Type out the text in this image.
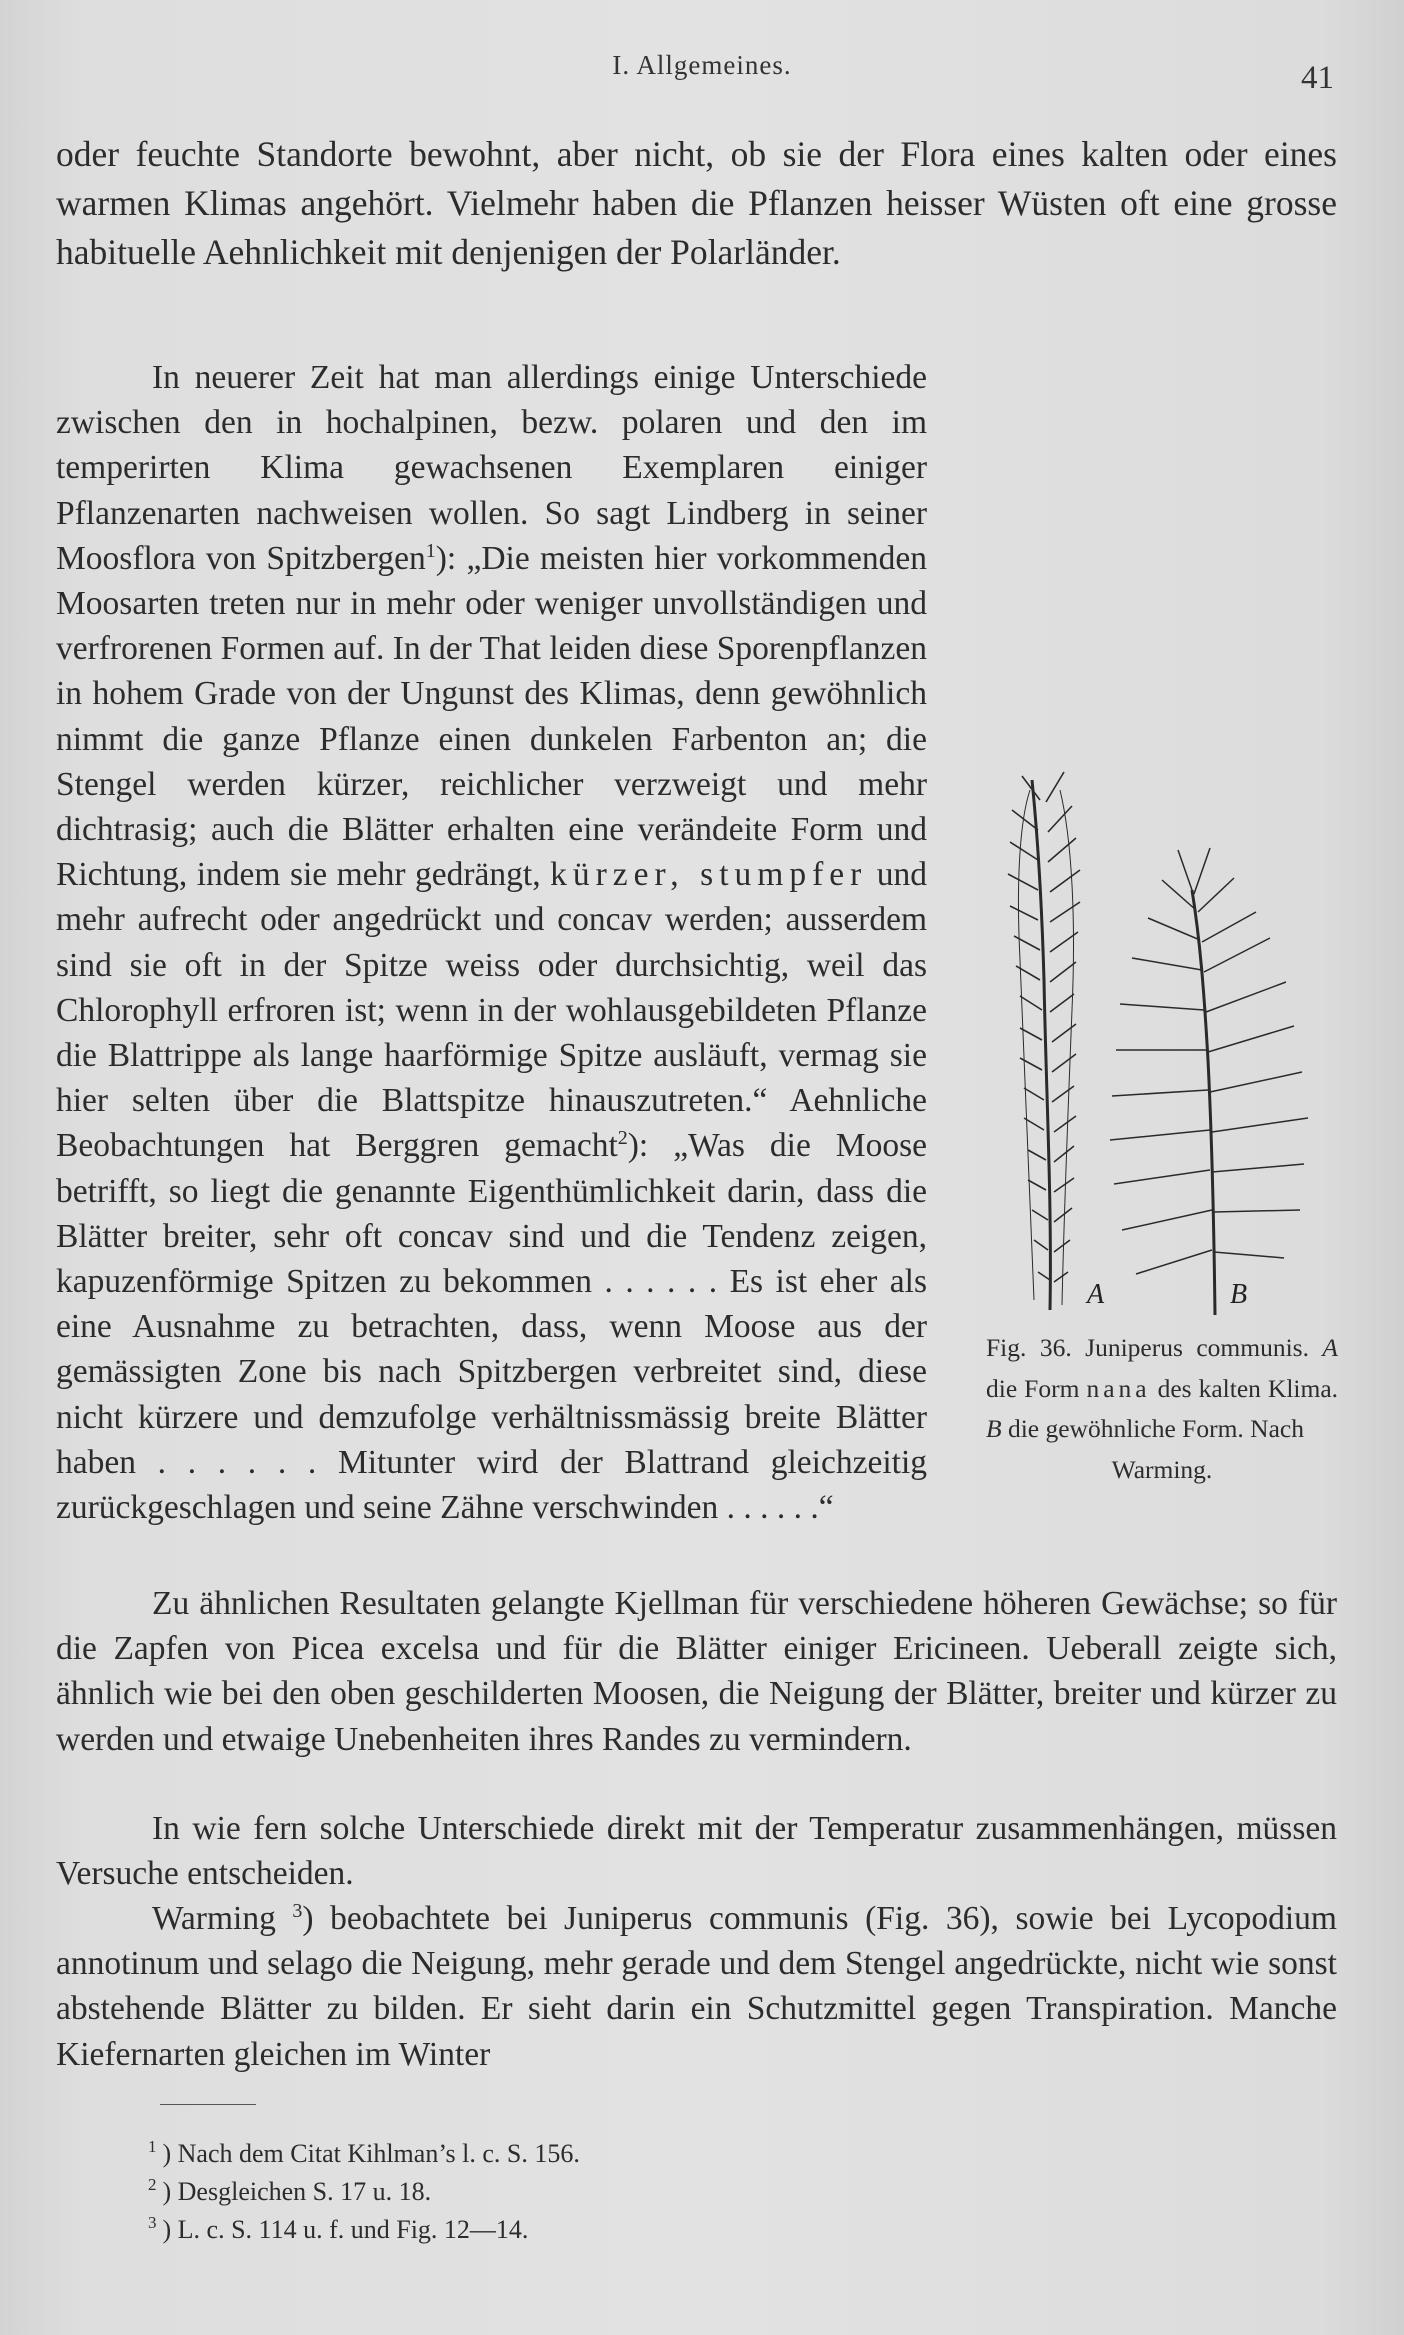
I. Allgemeines.	41

oder feuchte Standorte bewohnt, aber nicht, ob sie der Flora eines kalten oder eines warmen Klimas angehört. Vielmehr haben die Pflanzen heisser Wüsten oft eine grosse habituelle Aehnlichkeit mit denjenigen der Polarländer.

In neuerer Zeit hat man allerdings einige Unterschiede zwischen den in hochalpinen, bezw. polaren und den im temperirten Klima gewachsenen Exemplaren einiger Pflanzenarten nachweisen wollen. So sagt Lindberg in seiner Moosflora von Spitzbergen$^1$): „Die meisten hier vorkommenden Moosarten treten nur in mehr oder weniger unvollständigen und verfrorenen Formen auf. In der That leiden diese Sporenpflanzen in hohem Grade von der Ungunst des Klimas, denn gewöhnlich nimmt die ganze Pflanze einen dunkelen Farbenton an; die Stengel werden kürzer, reichlicher verzweigt und mehr dichtrasig; auch die Blätter erhalten eine verändeite Form und Richtung, indem sie mehr gedrängt, kürzer, stumpfer und mehr aufrecht oder angedrückt und concav werden; ausserdem sind sie oft in der Spitze weiss oder durchsichtig, weil das Chlorophyll erfroren ist; wenn in der wohlausgebildeten Pflanze die Blattrippe als lange haarförmige Spitze ausläuft, vermag sie hier selten über die Blattspitze hinauszutreten.“ Aehnliche Beobachtungen hat Berggren gemacht$^2$): „Was die Moose betrifft, so liegt die genannte Eigenthümlichkeit darin, dass die Blätter breiter, sehr oft concav sind und die Tendenz zeigen, kapuzenförmige Spitzen zu bekommen . . . . . . Es ist eher als eine Ausnahme zu betrachten, dass, wenn Moose aus der gemässigten Zone bis nach Spitzbergen verbreitet sind, diese nicht kürzere und demzufolge verhältnissmässig breite Blätter haben . . . . . . Mitunter wird der Blattrand gleichzeitig zurückgeschlagen und seine Zähne verschwinden . . . . . .“

A	B

Fig. 36. Juniperus communis. A die Form nana des kalten Klima. B die gewöhnliche Form. Nach
Warming.

Zu ähnlichen Resultaten gelangte Kjellman für verschiedene höheren Gewächse; so für die Zapfen von Picea excelsa und für die Blätter einiger Ericineen. Ueberall zeigte sich, ähnlich wie bei den oben geschilderten Moosen, die Neigung der Blätter, breiter und kürzer zu werden und etwaige Unebenheiten ihres Randes zu vermindern.

In wie fern solche Unterschiede direkt mit der Temperatur zusammenhängen, müssen Versuche entscheiden.

Warming $^3$) beobachtete bei Juniperus communis (Fig. 36), sowie bei Lycopodium annotinum und selago die Neigung, mehr gerade und dem Stengel angedrückte, nicht wie sonst abstehende Blätter zu bilden. Er sieht darin ein Schutzmittel gegen Transpiration. Manche Kiefernarten gleichen im Winter

$^1$ ) Nach dem Citat Kihlman’s l. c. S. 156.
$^2$ ) Desgleichen S. 17 u. 18.
$^3$ ) L. c. S. 114 u. f. und Fig. 12—14.
